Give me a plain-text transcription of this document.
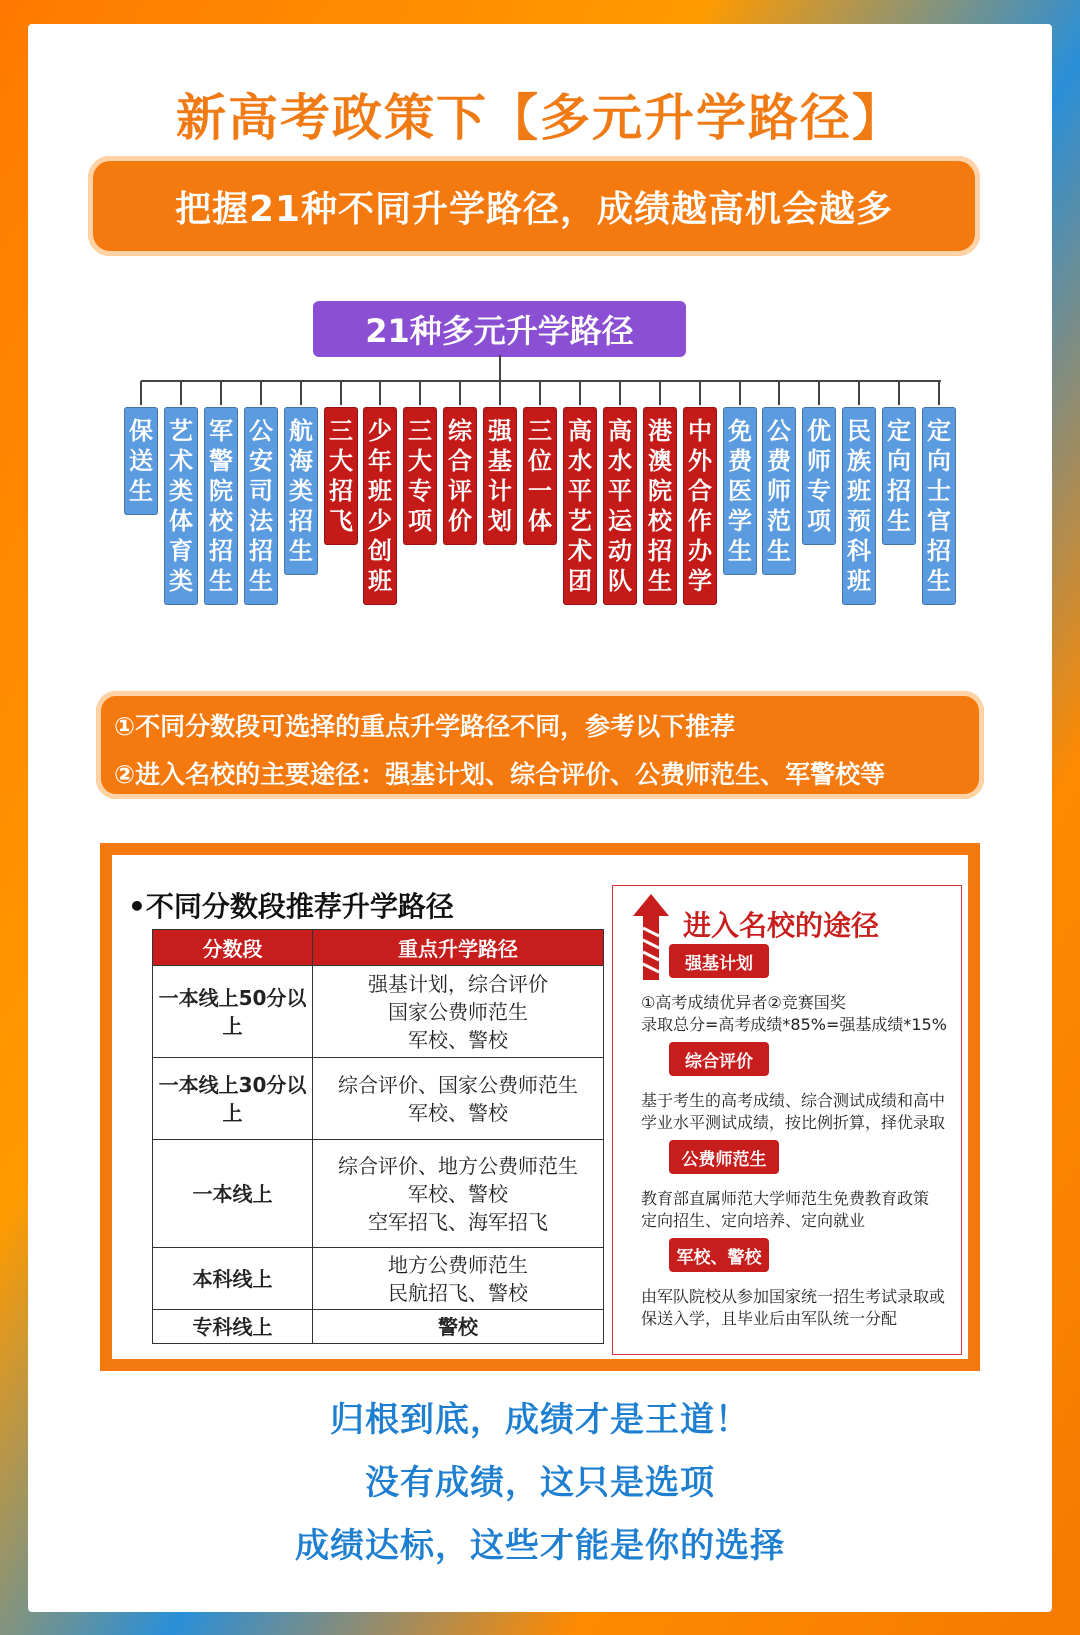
新高考政策下【多元升学路径】
把握21种不同升学路径，成绩越高机会越多
21种多元升学路径
保
送
生
艺
术
类
体
育
类
军
警
院
校
招
生
公
安
司
法
招
生
航
海
类
招
生
三
大
招
飞
少
年
班
少
创
班
三
大
专
项
综
合
评
价
强
基
计
划
三
位
一
体
高
水
平
艺
术
团
高
水
平
运
动
队
港
澳
院
校
招
生
中
外
合
作
办
学
免
费
医
学
生
公
费
师
范
生
优
师
专
项
民
族
班
预
科
班
定
向
招
生
定
向
士
官
招
生
①不同分数段可选择的重点升学路径不同，参考以下推荐
②进入名校的主要途径：强基计划、综合评价、公费师范生、军警校等
•不同分数段推荐升学路径
分数段	重点升学路径
一本线上50分以上	强基计划，综合评价
国家公费师范生
军校、警校

一本线上30分以上	综合评价、国家公费师范生
军校、警校

一本线上	综合评价、地方公费师范生
军校、警校
空军招飞、海军招飞

本科线上	地方公费师范生
民航招飞、警校

专科线上	警校
进入名校的途径
强基计划
①高考成绩优异者②竞赛国奖
录取总分=高考成绩*85%=强基成绩*15%
综合评价
基于考生的高考成绩、综合测试成绩和高中
学业水平测试成绩，按比例折算，择优录取
公费师范生
教育部直属师范大学师范生免费教育政策
定向招生、定向培养、定向就业
军校、警校
由军队院校从参加国家统一招生考试录取或
保送入学，且毕业后由军队统一分配
归根到底，成绩才是王道！
没有成绩，这只是选项
成绩达标，这些才能是你的选择
